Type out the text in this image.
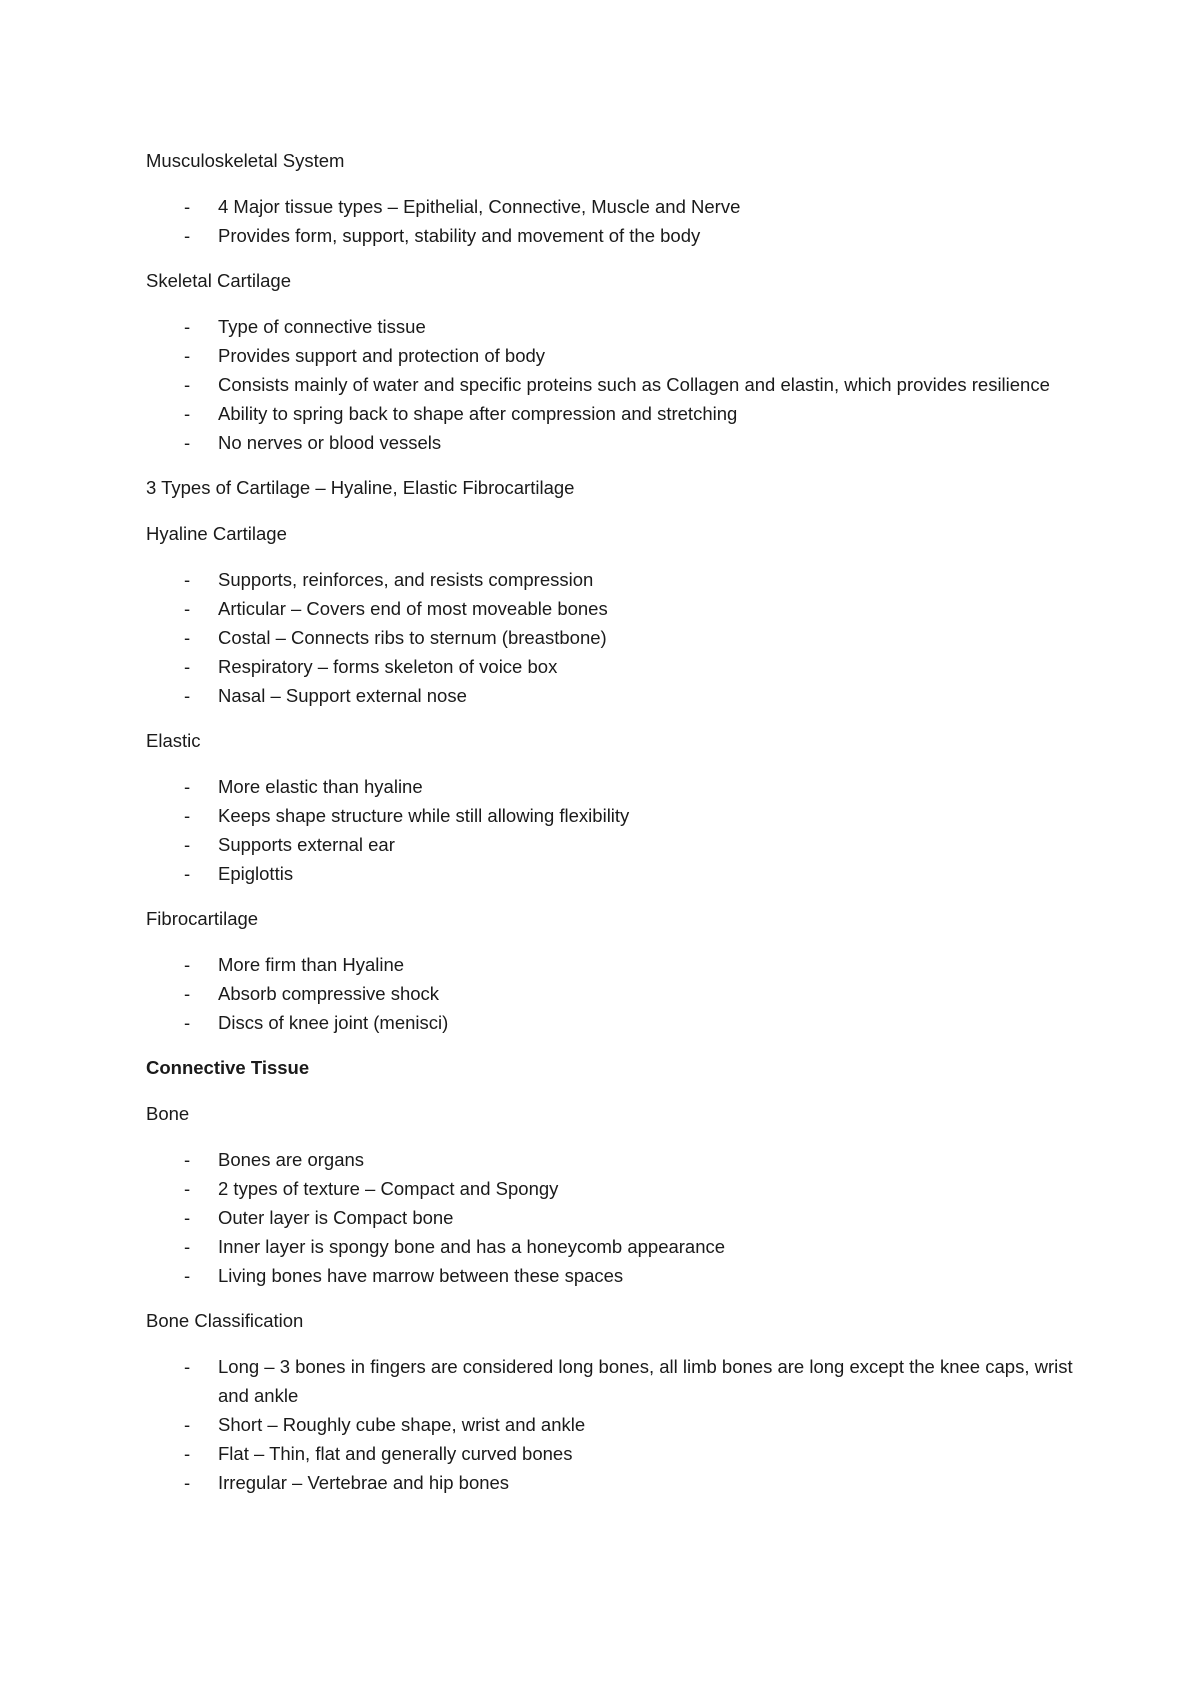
Musculoskeletal System
-	4 Major tissue types – Epithelial, Connective, Muscle and Nerve
-	Provides form, support, stability and movement of the body
Skeletal Cartilage
-	Type of connective tissue
-	Provides support and protection of body
-	Consists mainly of water and specific proteins such as Collagen and elastin, which provides resilience
-	Ability to spring back to shape after compression and stretching
-	No nerves or blood vessels
3 Types of Cartilage – Hyaline, Elastic Fibrocartilage
Hyaline Cartilage
-	Supports, reinforces, and resists compression
-	Articular – Covers end of most moveable bones
-	Costal – Connects ribs to sternum (breastbone)
-	Respiratory – forms skeleton of voice box
-	Nasal – Support external nose
Elastic
-	More elastic than hyaline
-	Keeps shape structure while still allowing flexibility
-	Supports external ear
-	Epiglottis
Fibrocartilage
-	More firm than Hyaline
-	Absorb compressive shock
-	Discs of knee joint (menisci)
Connective Tissue
Bone
-	Bones are organs
-	2 types of texture – Compact and Spongy
-	Outer layer is Compact bone
-	Inner layer is spongy bone and has a honeycomb appearance
-	Living bones have marrow between these spaces
Bone Classification
-	Long – 3 bones in fingers are considered long bones, all limb bones are long except the knee caps, wrist and ankle
-	Short – Roughly cube shape, wrist and ankle
-	Flat – Thin, flat and generally curved bones
-	Irregular – Vertebrae and hip bones
